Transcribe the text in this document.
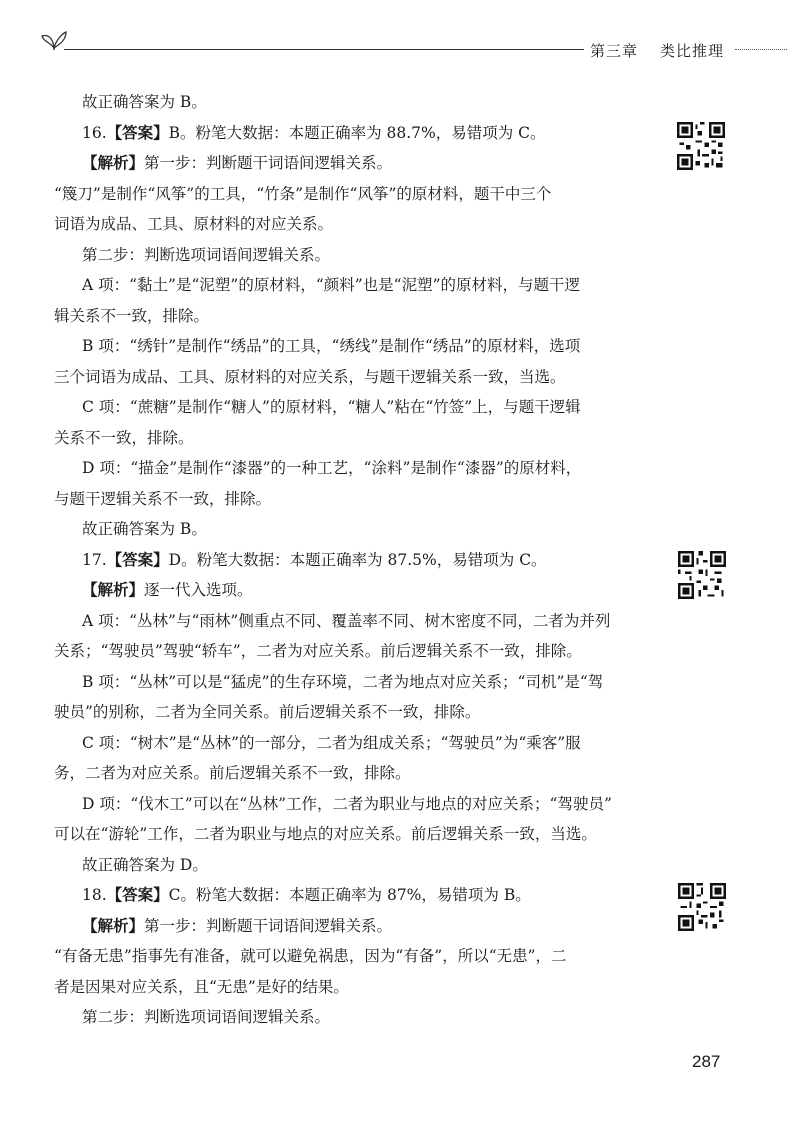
第三章 类比推理
故正确答案为 B。
16.【答案】B。粉笔大数据：本题正确率为 88.7%，易错项为 C。
【解析】第一步：判断题干词语间逻辑关系。
“篾刀”是制作“风筝”的工具，“竹条”是制作“风筝”的原材料，题干中三个
词语为成品、工具、原材料的对应关系。
第二步：判断选项词语间逻辑关系。
A 项：“黏土”是“泥塑”的原材料，“颜料”也是“泥塑”的原材料，与题干逻
辑关系不一致，排除。
B 项：“绣针”是制作“绣品”的工具，“绣线”是制作“绣品”的原材料，选项
三个词语为成品、工具、原材料的对应关系，与题干逻辑关系一致，当选。
C 项：“蔗糖”是制作“糖人”的原材料，“糖人”粘在“竹签”上，与题干逻辑
关系不一致，排除。
D 项：“描金”是制作“漆器”的一种工艺，“涂料”是制作“漆器”的原材料，
与题干逻辑关系不一致，排除。
故正确答案为 B。
17.【答案】D。粉笔大数据：本题正确率为 87.5%，易错项为 C。
【解析】逐一代入选项。
A 项：“丛林”与“雨林”侧重点不同、覆盖率不同、树木密度不同，二者为并列
关系；“驾驶员”驾驶“轿车”，二者为对应关系。前后逻辑关系不一致，排除。
B 项：“丛林”可以是“猛虎”的生存环境，二者为地点对应关系；“司机”是“驾
驶员”的别称，二者为全同关系。前后逻辑关系不一致，排除。
C 项：“树木”是“丛林”的一部分，二者为组成关系；“驾驶员”为“乘客”服
务，二者为对应关系。前后逻辑关系不一致，排除。
D 项：“伐木工”可以在“丛林”工作，二者为职业与地点的对应关系；“驾驶员”
可以在“游轮”工作，二者为职业与地点的对应关系。前后逻辑关系一致，当选。
故正确答案为 D。
18.【答案】C。粉笔大数据：本题正确率为 87%，易错项为 B。
【解析】第一步：判断题干词语间逻辑关系。
“有备无患”指事先有准备，就可以避免祸患，因为“有备”，所以“无患”，二
者是因果对应关系，且“无患”是好的结果。
第二步：判断选项词语间逻辑关系。
287
